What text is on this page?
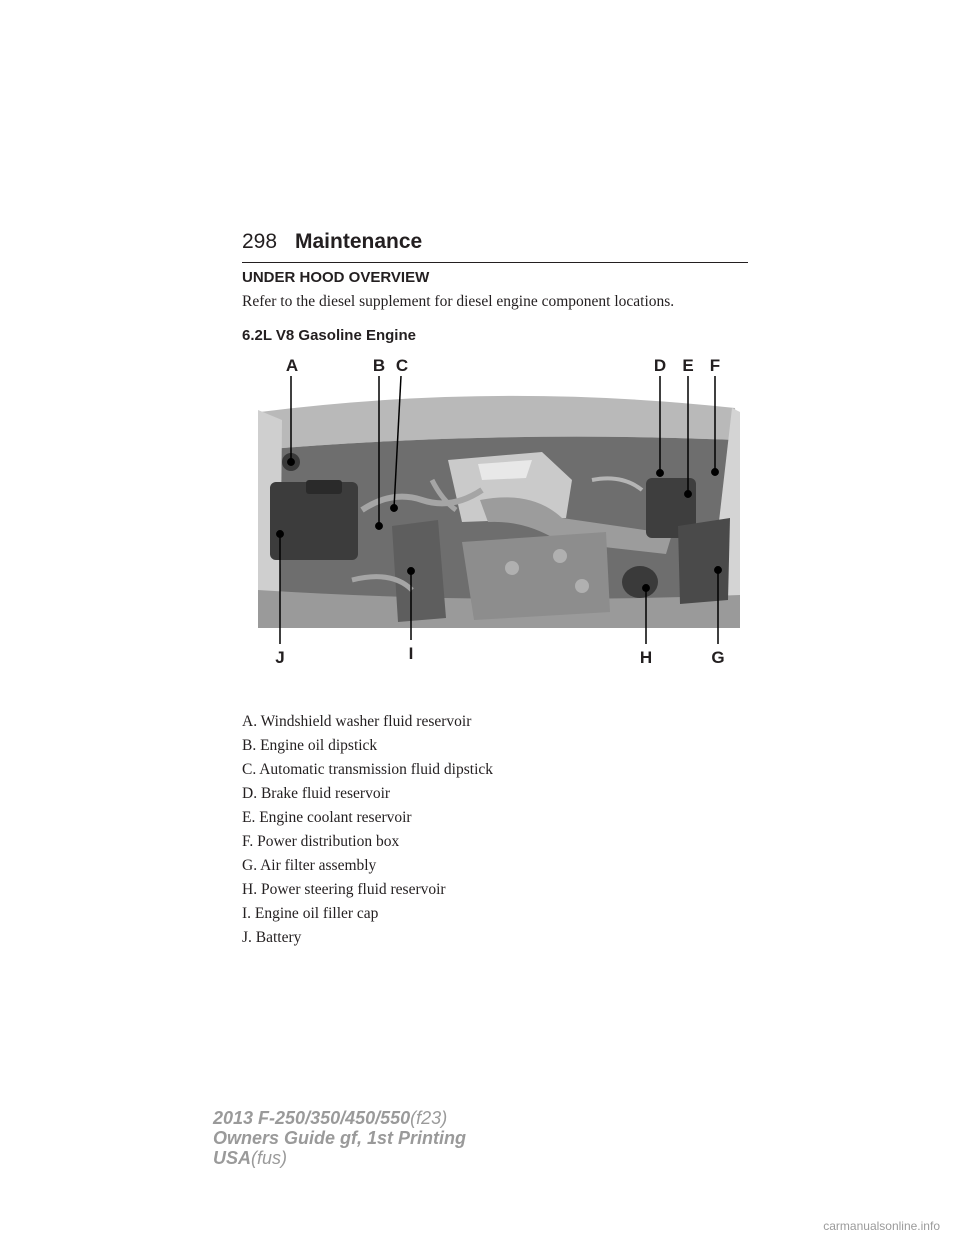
298 Maintenance
UNDER HOOD OVERVIEW
Refer to the diesel supplement for diesel engine component locations.
6.2L V8 Gasoline Engine
A	B C	D E F
G
H
I
J
A. Windshield washer fluid reservoir
B. Engine oil dipstick
C. Automatic transmission fluid dipstick
D. Brake fluid reservoir
E. Engine coolant reservoir
F. Power distribution box
G. Air filter assembly
H. Power steering fluid reservoir
I. Engine oil filler cap
J. Battery
2013 F-250/350/450/550(f23)
Owners Guide gf, 1st Printing
USA(fus)
carmanualsonline.info
